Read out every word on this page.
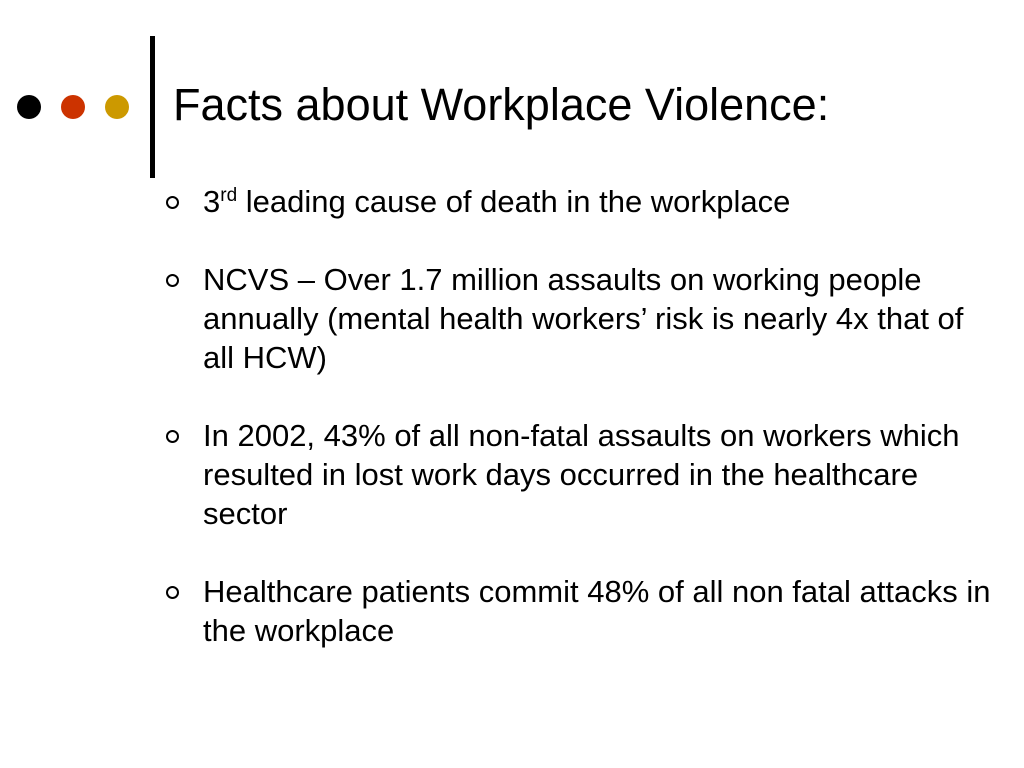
Facts about Workplace Violence:
3rd leading cause of death in the workplace
NCVS – Over 1.7 million assaults on working people annually (mental health workers’ risk is nearly 4x that of all HCW)
In 2002, 43% of all non-fatal assaults on workers which resulted in lost work days occurred in the healthcare sector
Healthcare patients commit 48% of all non fatal attacks in the workplace
